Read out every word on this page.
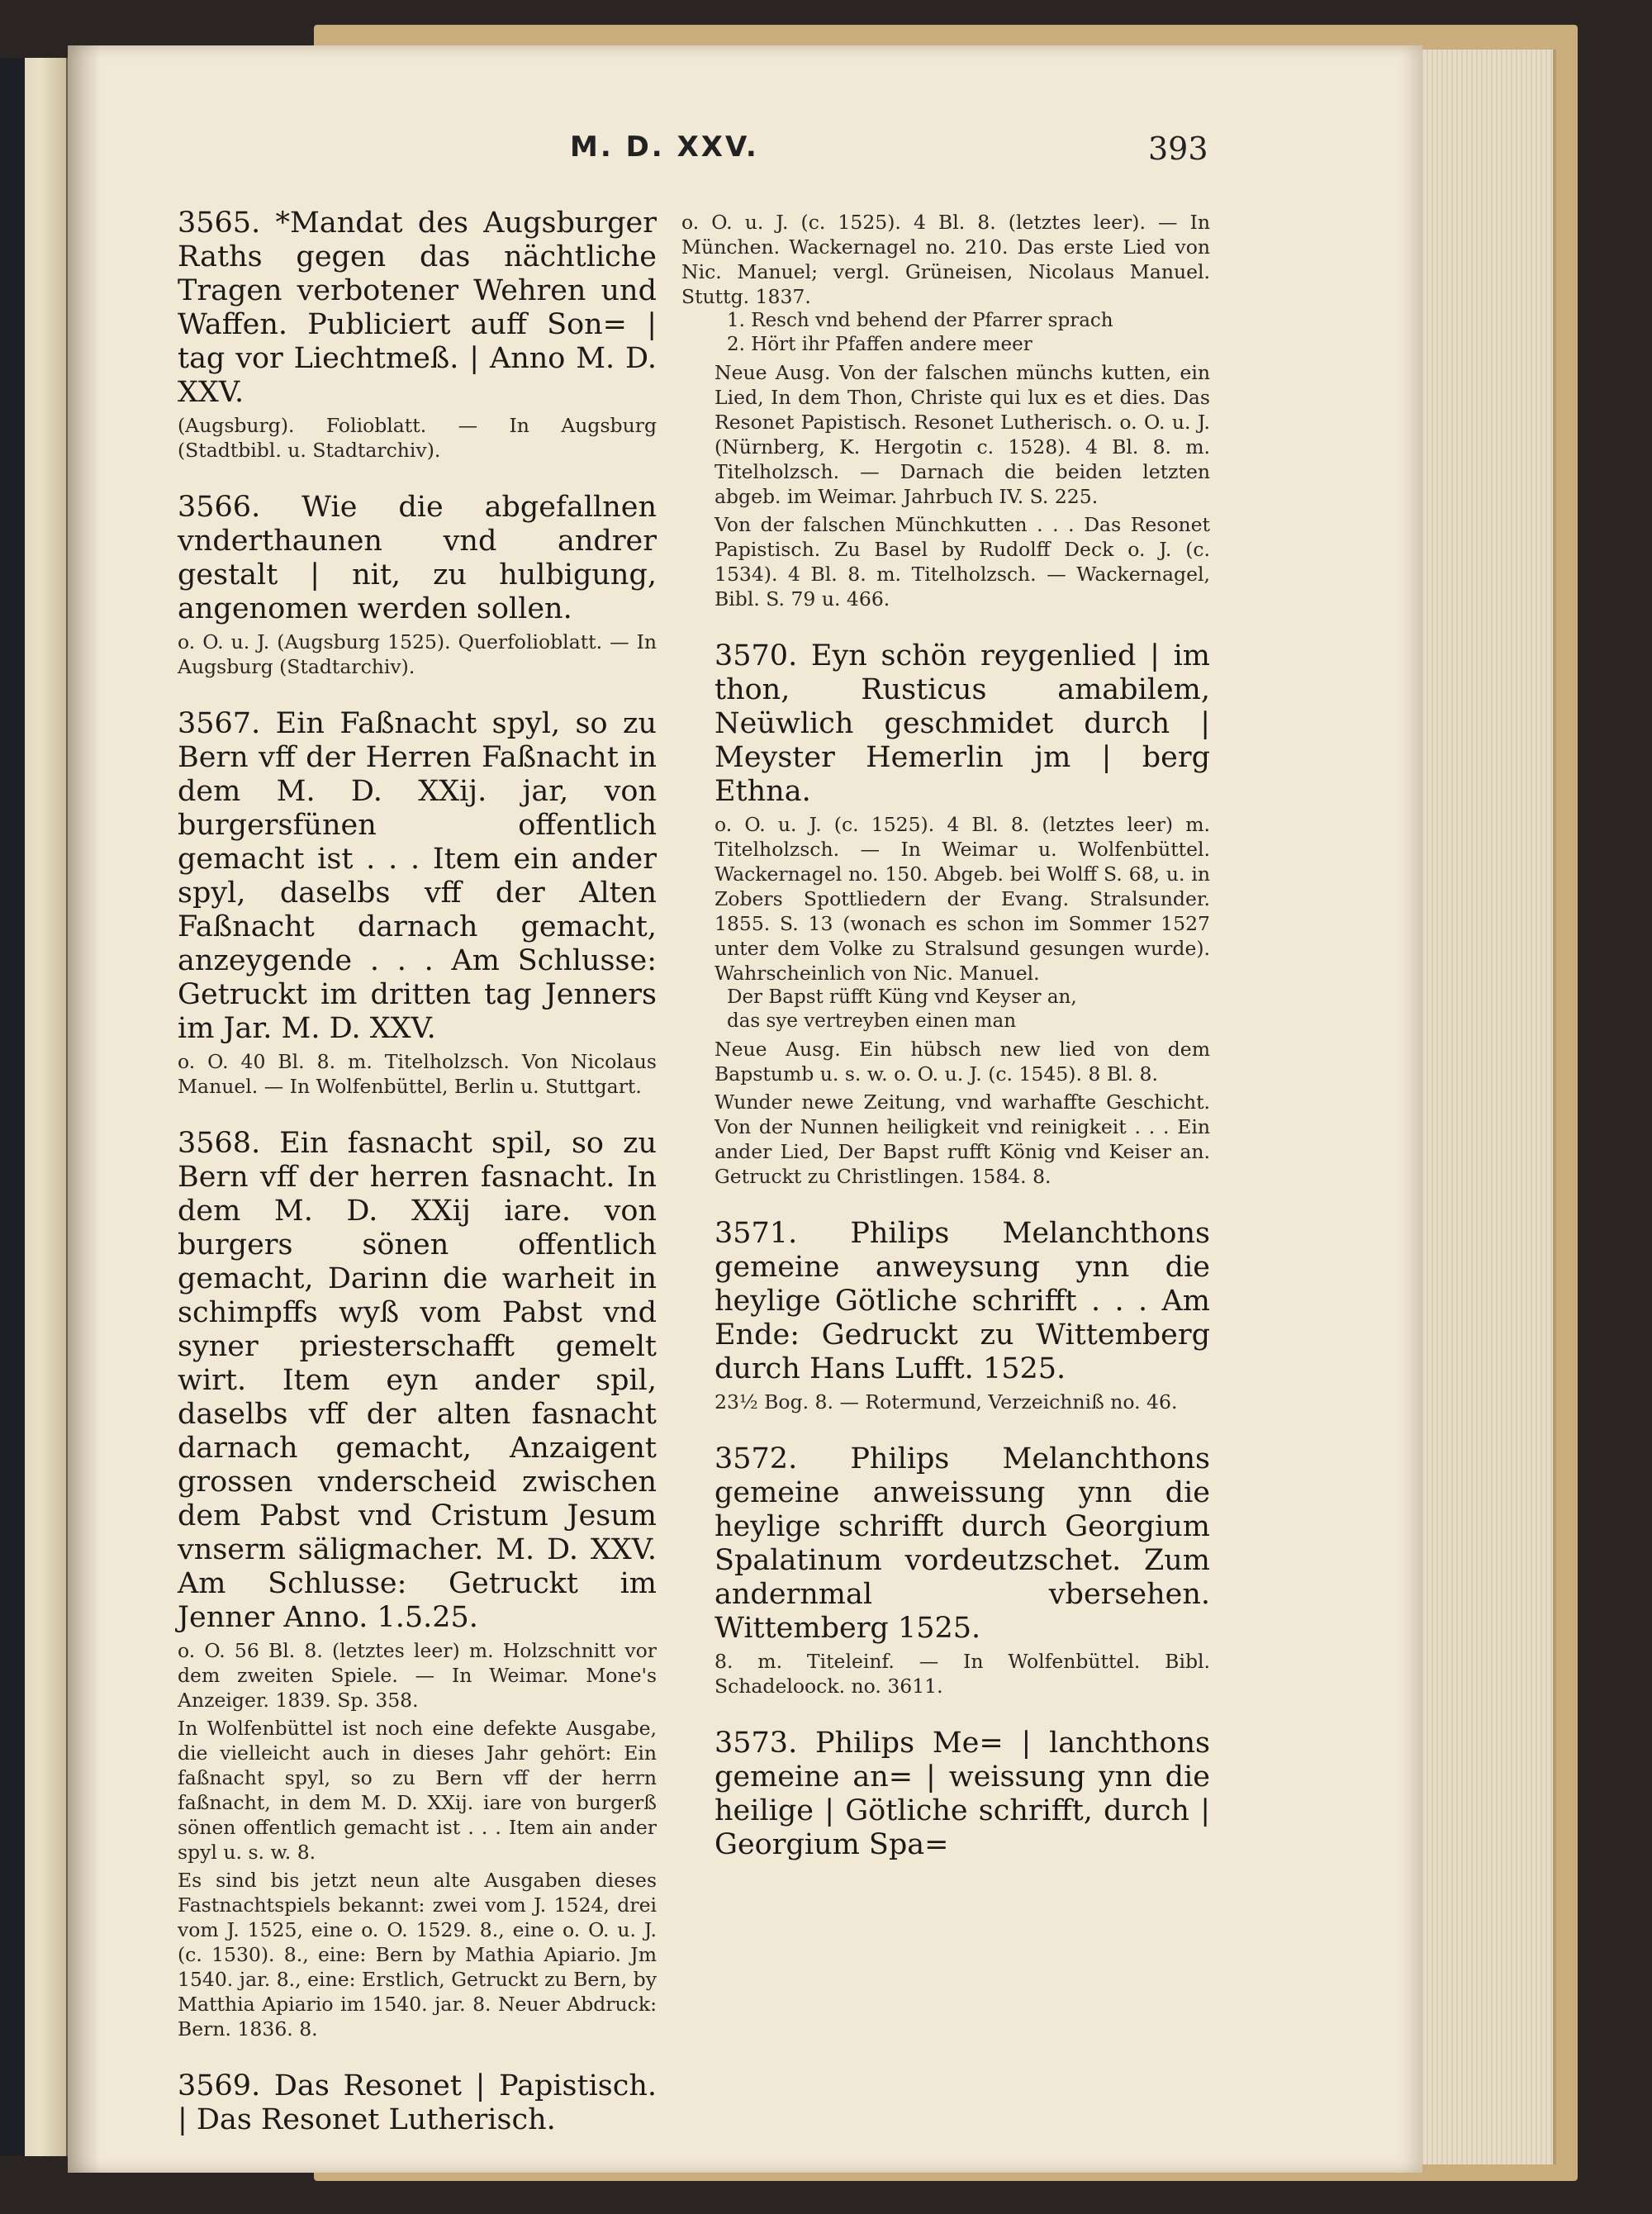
M. D. XXV.	393

3565. *Mandat des Augsburger Raths gegen das nächtliche Tragen verbotener Wehren und Waffen. Publiciert auff Son= | tag vor Liechtmeß. | Anno M. D. XXV.

(Augsburg). Folioblatt. — In Augsburg (Stadtbibl. u. Stadtarchiv).

3566. Wie die abgefallnen vnderthaunen vnd andrer gestalt | nit, zu hulbigung, angenomen werden sollen.

o. O. u. J. (Augsburg 1525). Querfolioblatt. — In Augsburg (Stadtarchiv).

3567. Ein Faßnacht spyl, so zu Bern vff der Herren Faßnacht in dem M. D. XXij. jar, von burgersfünen offentlich gemacht ist . . . Item ein ander spyl, daselbs vff der Alten Faßnacht darnach gemacht, anzeygende . . . Am Schlusse: Getruckt im dritten tag Jenners im Jar. M. D. XXV.

o. O. 40 Bl. 8. m. Titelholzsch. Von Nicolaus Manuel. — In Wolfenbüttel, Berlin u. Stuttgart.

3568. Ein fasnacht spil, so zu Bern vff der herren fasnacht. In dem M. D. XXij iare. von burgers sönen offentlich gemacht, Darinn die warheit in schimpffs wyß vom Pabst vnd syner priesterschafft gemelt wirt. Item eyn ander spil, daselbs vff der alten fasnacht darnach gemacht, Anzaigent grossen vnderscheid zwischen dem Pabst vnd Cristum Jesum vnserm säligmacher. M. D. XXV. Am Schlusse: Getruckt im Jenner Anno. 1.5.25.

o. O. 56 Bl. 8. (letztes leer) m. Holzschnitt vor dem zweiten Spiele. — In Weimar. Mone's Anzeiger. 1839. Sp. 358.

In Wolfenbüttel ist noch eine defekte Ausgabe, die vielleicht auch in dieses Jahr gehört: Ein faßnacht spyl, so zu Bern vff der herrn faßnacht, in dem M. D. XXij. iare von burgerß sönen offentlich gemacht ist . . . Item ain ander spyl u. s. w. 8.

Es sind bis jetzt neun alte Ausgaben dieses Fastnachtspiels bekannt: zwei vom J. 1524, drei vom J. 1525, eine o. O. 1529. 8., eine o. O. u. J. (c. 1530). 8., eine: Bern by Mathia Apiario. Jm 1540. jar. 8., eine: Erstlich, Getruckt zu Bern, by Matthia Apiario im 1540. jar. 8. Neuer Abdruck: Bern. 1836. 8.

3569. Das Resonet | Papistisch. | Das Resonet Lutherisch.

o. O. u. J. (c. 1525). 4 Bl. 8. (letztes leer). — In München. Wackernagel no. 210. Das erste Lied von Nic. Manuel; vergl. Grüneisen, Nicolaus Manuel. Stuttg. 1837.

1. Resch vnd behend der Pfarrer sprach

2. Hört ihr Pfaffen andere meer

Neue Ausg. Von der falschen münchs kutten, ein Lied, In dem Thon, Christe qui lux es et dies. Das Resonet Papistisch. Resonet Lutherisch. o. O. u. J. (Nürnberg, K. Hergotin c. 1528). 4 Bl. 8. m. Titelholzsch. — Darnach die beiden letzten abgeb. im Weimar. Jahrbuch IV. S. 225.

Von der falschen Münchkutten . . . Das Resonet Papistisch. Zu Basel by Rudolff Deck o. J. (c. 1534). 4 Bl. 8. m. Titelholzsch. — Wackernagel, Bibl. S. 79 u. 466.

3570. Eyn schön reygenlied | im thon, Rusticus amabilem, Neüwlich geschmidet durch | Meyster Hemerlin jm | berg Ethna.

o. O. u. J. (c. 1525). 4 Bl. 8. (letztes leer) m. Titelholzsch. — In Weimar u. Wolfenbüttel. Wackernagel no. 150. Abgeb. bei Wolff S. 68, u. in Zobers Spottliedern der Evang. Stralsunder. 1855. S. 13 (wonach es schon im Sommer 1527 unter dem Volke zu Stralsund gesungen wurde). Wahrscheinlich von Nic. Manuel.

Der Bapst rüfft Küng vnd Keyser an,

das sye vertreyben einen man

Neue Ausg. Ein hübsch new lied von dem Bapstumb u. s. w. o. O. u. J. (c. 1545). 8 Bl. 8.

Wunder newe Zeitung, vnd warhaffte Geschicht. Von der Nunnen heiligkeit vnd reinigkeit . . . Ein ander Lied, Der Bapst rufft König vnd Keiser an. Getruckt zu Christlingen. 1584. 8.

3571. Philips Melanchthons gemeine anweysung ynn die heylige Götliche schrifft . . . Am Ende: Gedruckt zu Wittemberg durch Hans Lufft. 1525.

23½ Bog. 8. — Rotermund, Verzeichniß no. 46.

3572. Philips Melanchthons gemeine anweissung ynn die heylige schrifft durch Georgium Spalatinum vordeutzschet. Zum andernmal vbersehen. Wittemberg 1525.

8. m. Titeleinf. — In Wolfenbüttel. Bibl. Schadeloock. no. 3611.

3573. Philips Me= | lanchthons gemeine an= | weissung ynn die heilige | Götliche schrifft, durch | Georgium Spa=
